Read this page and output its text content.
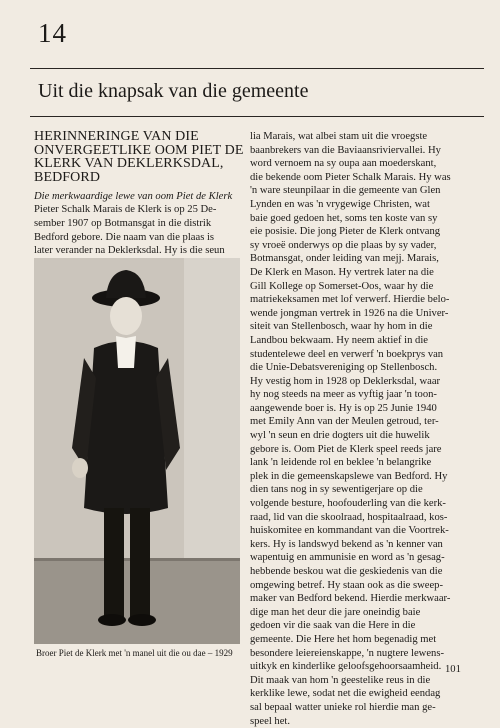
14
Uit die knapsak van die gemeente
HERINNERINGE VAN DIE
ONVERGEETLIKE OOM PIET DE
KLERK VAN DEKLERKSDAL,
BEDFORD
Die merkwaardige lewe van oom Piet de Klerk
Pieter Schalk Marais de Klerk is op 25 De-
sember 1907 op Botmansgat in die distrik
Bedford gebore. Die naam van die plaas is
later verander na Deklerksdal. Hy is die seun
Broer Piet de Klerk met 'n manel uit die ou dae – 1929
lia Marais, wat albei stam uit die vroegste
baanbrekers van die Baviaansriviervallei. Hy
word vernoem na sy oupa aan moederskant,
die bekende oom Pieter Schalk Marais. Hy was
'n ware steunpilaar in die gemeente van Glen
Lynden en was 'n vrygewige Christen, wat
baie goed gedoen het, soms ten koste van sy
eie posisie. Die jong Pieter de Klerk ontvang
sy vroeë onderwys op die plaas by sy vader,
Botmansgat, onder leiding van mejj. Marais,
De Klerk en Mason. Hy vertrek later na die
Gill Kollege op Somerset-Oos, waar hy die
matriekeksamen met lof verwerf. Hierdie belo-
wende jongman vertrek in 1926 na die Univer-
siteit van Stellenbosch, waar hy hom in die
Landbou bekwaam. Hy neem aktief in die
studentelewe deel en verwerf 'n boekprys van
die Unie-Debatsvereniging op Stellenbosch.
Hy vestig hom in 1928 op Deklerksdal, waar
hy nog steeds na meer as vyftig jaar 'n toon-
aangewende boer is. Hy is op 25 Junie 1940
met Emily Ann van der Meulen getroud, ter-
wyl 'n seun en drie dogters uit die huwelik
gebore is. Oom Piet de Klerk speel reeds jare
lank 'n leidende rol en beklee 'n belangrike
plek in die gemeenskapslewe van Bedford. Hy
dien tans nog in sy sewentigerjare op die
volgende besture, hoofouderling van die kerk-
raad, lid van die skoolraad, hospitaalraad, kos-
huiskomitee en kommandant van die Voortrek-
kers. Hy is landswyd bekend as 'n kenner van
wapentuig en ammunisie en word as 'n gesag-
hebbende beskou wat die geskiedenis van die
omgewing betref. Hy staan ook as die sweep-
maker van Bedford bekend. Hierdie merkwaar-
dige man het deur die jare oneindig baie
gedoen vir die saak van die Here in die
gemeente. Die Here het hom begenadig met
besondere leiereienskappe, 'n nugtere lewens-
uitkyk en kinderlike geloofsgehoorsaamheid.
Dit maak van hom 'n geestelike reus in die
kerklike lewe, sodat net die ewigheid eendag
sal bepaal watter unieke rol hierdie man ge-
speel het.
101
